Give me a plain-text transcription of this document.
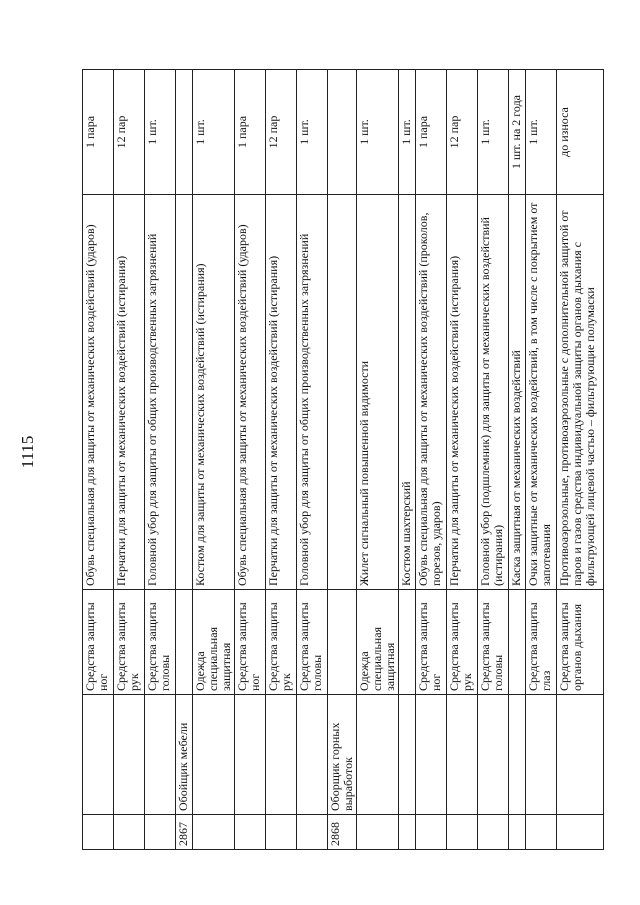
1115
		Средства защиты ног	Обувь специальная для защиты от механических воздействий (ударов)	1 пара
		Средства защиты рук	Перчатки для защиты от механических воздействий (истирания)	12 пар
		Средства защиты головы	Головной убор для защиты от общих производственных загрязнений	1 шт.
2867	Обойщик мебели			
		Одежда специальная защитная	Костюм для защиты от механических воздействий (истирания)	1 шт.
		Средства защиты ног	Обувь специальная для защиты от механических воздействий (ударов)	1 пара
		Средства защиты рук	Перчатки для защиты от механических воздействий (истирания)	12 пар
		Средства защиты головы	Головной убор для защиты от общих производственных загрязнений	1 шт.
2868	Оборщик горных выработок			
		Одежда специальная защитная	Жилет сигнальный повышенной видимости	1 шт.
			Костюм шахтерский	1 шт.
		Средства защиты ног	Обувь специальная для защиты от механических воздействий (проколов, порезов, ударов)	1 пара
		Средства защиты рук	Перчатки для защиты от механических воздействий (истирания)	12 пар
		Средства защиты головы	Головной убор (подшлемник) для защиты от механических воздействий (истирания)	1 шт.
			Каска защитная от механических воздействий	1 шт. на 2 года
		Средства защиты глаз	Очки защитные от механических воздействий, в том числе с покрытием от запотевания	1 шт.
		Средства защиты органов дыхания	Противоаэрозольные, противоаэрозольные с дополнительной защитой от паров и газов средства индивидуальной защиты органов дыхания с фильтрующей лицевой частью – фильтрующие полумаски	до износа
